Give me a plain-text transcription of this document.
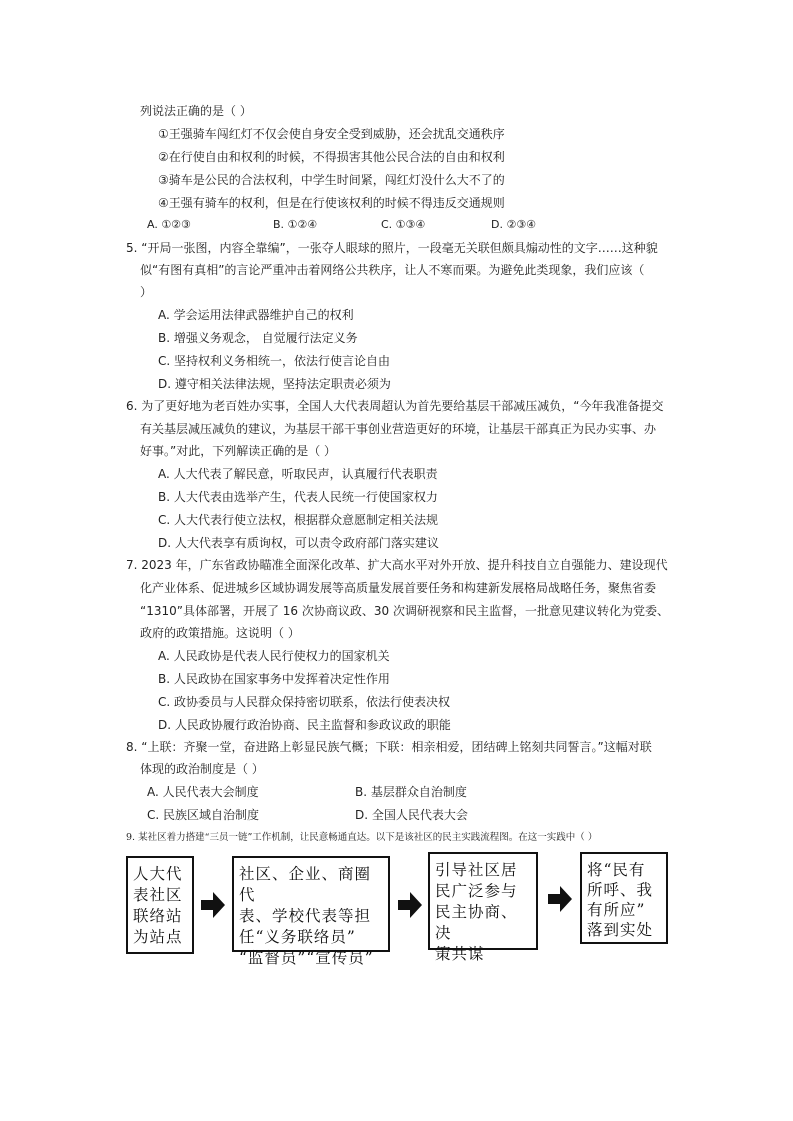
列说法正确的是（ ）
①王强骑车闯红灯不仅会使自身安全受到威胁，还会扰乱交通秩序
②在行使自由和权利的时候，不得损害其他公民合法的自由和权利
③骑车是公民的合法权利，中学生时间紧，闯红灯没什么大不了的
④王强有骑车的权利，但是在行使该权利的时候不得违反交通规则
A. ①②③	B. ①②④	C. ①③④	D. ②③④
5. “开局一张图，内容全靠编”，一张夺人眼球的照片，一段毫无关联但颇具煽动性的文字……这种貌
似“有图有真相”的言论严重冲击着网络公共秩序，让人不寒而栗。为避免此类现象，我们应该（
）
A. 学会运用法律武器维护自己的权利
B. 增强义务观念， 自觉履行法定义务
C. 坚持权利义务相统一，依法行使言论自由
D. 遵守相关法律法规，坚持法定职责必须为
6. 为了更好地为老百姓办实事，全国人大代表周超认为首先要给基层干部减压减负，“今年我准备提交
有关基层减压减负的建议，为基层干部干事创业营造更好的环境，让基层干部真正为民办实事、办
好事。”对此，下列解读正确的是（ ）
A. 人大代表了解民意，听取民声，认真履行代表职责
B. 人大代表由选举产生，代表人民统一行使国家权力
C. 人大代表行使立法权，根据群众意愿制定相关法规
D. 人大代表享有质询权，可以责令政府部门落实建议
7. 2023 年，广东省政协瞄准全面深化改革、扩大高水平对外开放、提升科技自立自强能力、建设现代
化产业体系、促进城乡区域协调发展等高质量发展首要任务和构建新发展格局战略任务，聚焦省委
“1310”具体部署，开展了 16 次协商议政、30 次调研视察和民主监督，一批意见建议转化为党委、
政府的政策措施。这说明（ ）
A. 人民政协是代表人民行使权力的国家机关
B. 人民政协在国家事务中发挥着决定性作用
C. 政协委员与人民群众保持密切联系，依法行使表决权
D. 人民政协履行政治协商、民主监督和参政议政的职能
8. “上联：齐聚一堂，奋进路上彰显民族气概；下联：相亲相爱，团结碑上铭刻共同誓言。”这幅对联
体现的政治制度是（ ）
A. 人民代表大会制度	B. 基层群众自治制度
C. 民族区域自治制度	D. 全国人民代表大会
9. 某社区着力搭建“三员一链”工作机制，让民意畅通直达。以下是该社区的民主实践流程图。在这一实践中（ ）
人大代
表社区
联络站
为站点
社区、企业、商圈代
表、学校代表等担
任“义务联络员”
“监督员”“宣传员”
引导社区居
民广泛参与
民主协商、决
策共谋
将“民有
所呼、我
有所应”
落到实处
